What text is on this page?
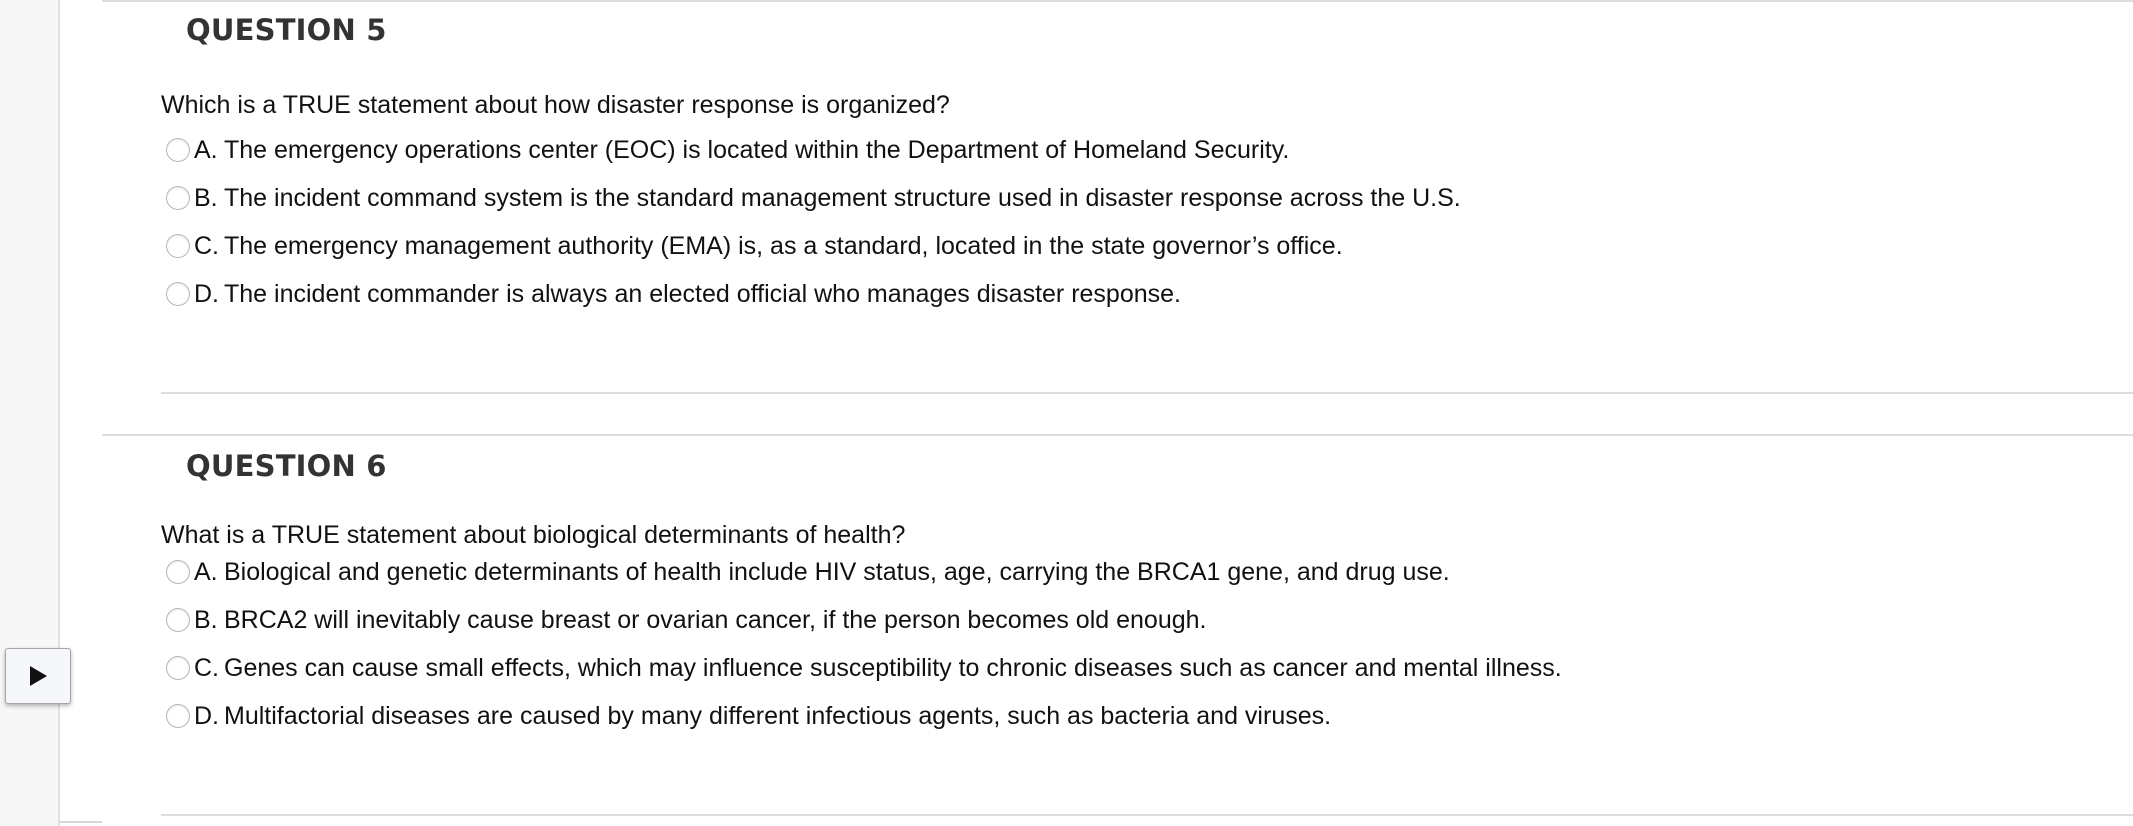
QUESTION 5
Which is a TRUE statement about how disaster response is organized?
A. The emergency operations center (EOC) is located within the Department of Homeland Security.
B. The incident command system is the standard management structure used in disaster response across the U.S.
C. The emergency management authority (EMA) is, as a standard, located in the state governor’s office.
D. The incident commander is always an elected official who manages disaster response.
QUESTION 6
What is a TRUE statement about biological determinants of health?
A. Biological and genetic determinants of health include HIV status, age, carrying the BRCA1 gene, and drug use.
B. BRCA2 will inevitably cause breast or ovarian cancer, if the person becomes old enough.
C. Genes can cause small effects, which may influence susceptibility to chronic diseases such as cancer and mental illness.
D. Multifactorial diseases are caused by many different infectious agents, such as bacteria and viruses.
